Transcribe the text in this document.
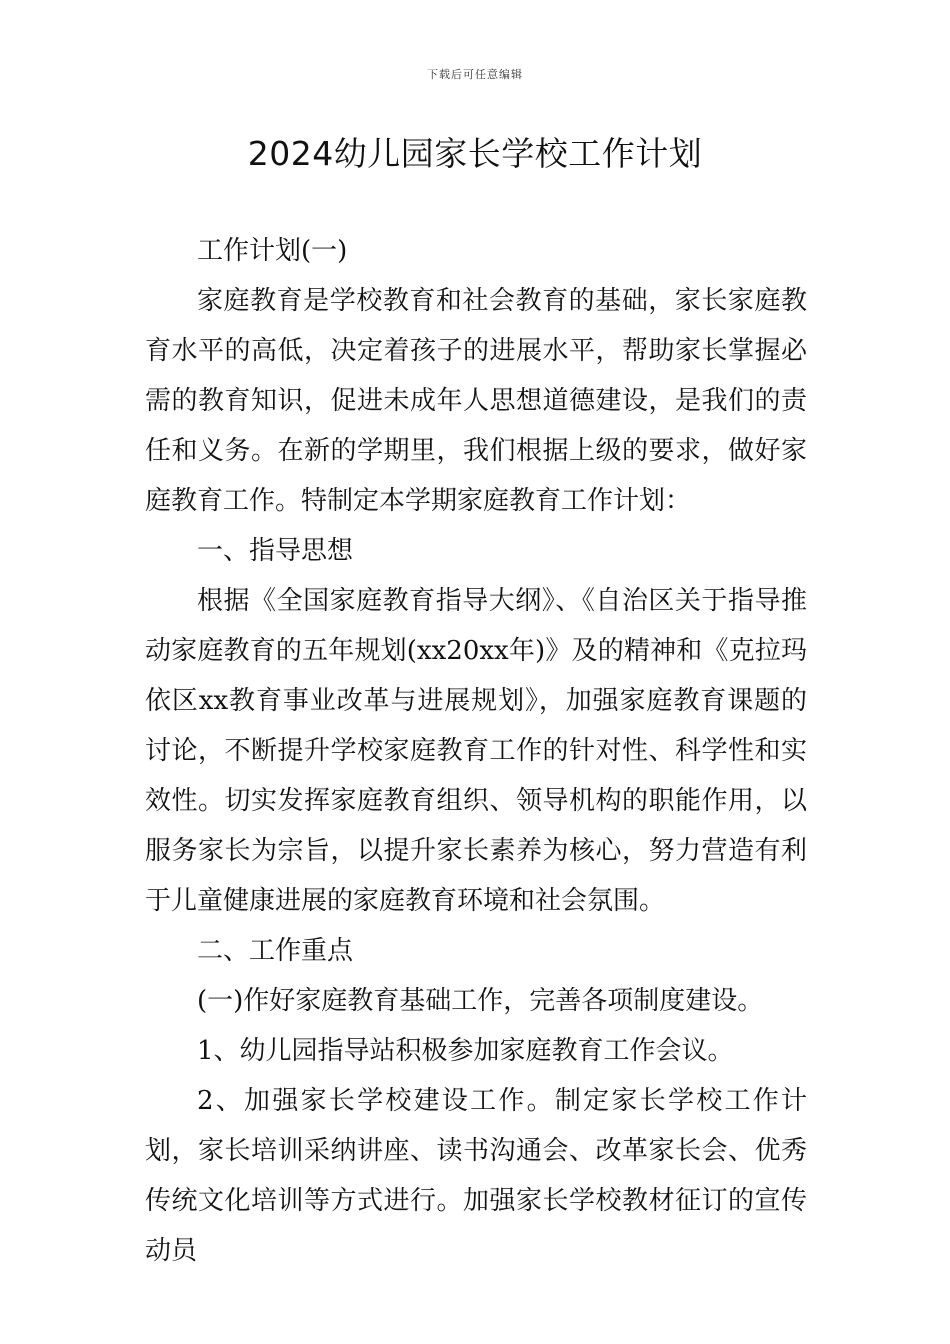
下载后可任意编辑
2024幼儿园家长学校工作计划

工作计划(一)

家庭教育是学校教育和社会教育的基础，家长家庭教育水平的高低，决定着孩子的进展水平，帮助家长掌握必需的教育知识，促进未成年人思想道德建设，是我们的责任和义务。在新的学期里，我们根据上级的要求，做好家庭教育工作。特制定本学期家庭教育工作计划：

一、指导思想

根据《全国家庭教育指导大纲》、《自治区关于指导推动家庭教育的五年规划(xx20xx年)》及的精神和《克拉玛依区xx教育事业改革与进展规划》，加强家庭教育课题的讨论，不断提升学校家庭教育工作的针对性、科学性和实效性。切实发挥家庭教育组织、领导机构的职能作用，以服务家长为宗旨，以提升家长素养为核心，努力营造有利于儿童健康进展的家庭教育环境和社会氛围。

二、工作重点

(一)作好家庭教育基础工作，完善各项制度建设。

1、幼儿园指导站积极参加家庭教育工作会议。

2、加强家长学校建设工作。制定家长学校工作计划，家长培训采纳讲座、读书沟通会、改革家长会、优秀传统文化培训等方式进行。加强家长学校教材征订的宣传动员
